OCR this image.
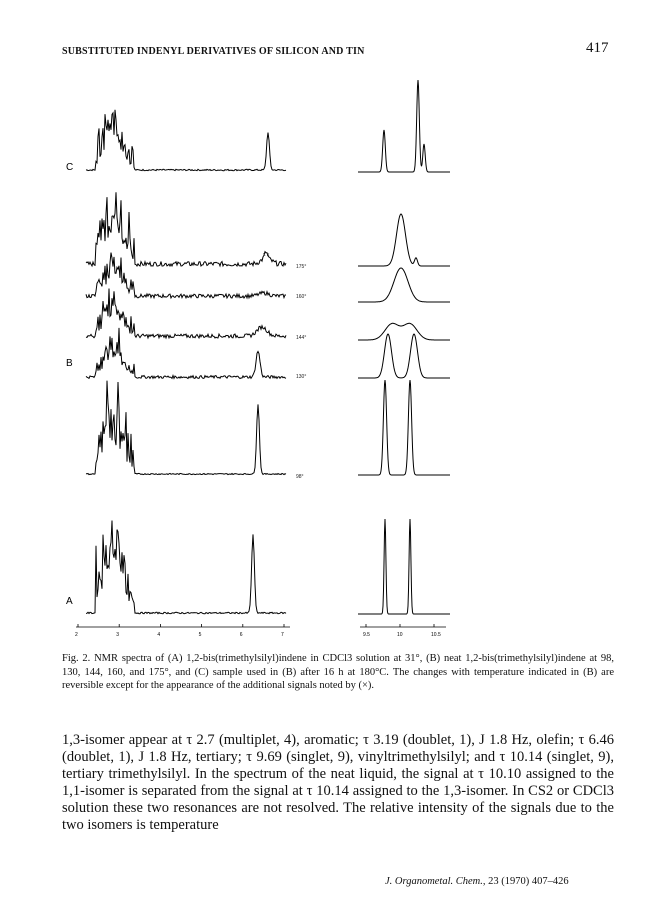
SUBSTITUTED INDENYL DERIVATIVES OF SILICON AND TIN	417
C
B
A
175°
160°
144°
130°
98°
x x
2	3	4	5	6	7	9.5	10	10.5
Fig. 2. NMR spectra of (A) 1,2-bis(trimethylsilyl)indene in CDCl3 solution at 31°, (B) neat 1,2-bis(trimethylsilyl)indene at 98, 130, 144, 160, and 175°, and (C) sample used in (B) after 16 h at 180°C. The changes with temperature indicated in (B) are reversible except for the appearance of the additional signals noted by (×).
1,3-isomer appear at τ 2.7 (multiplet, 4), aromatic; τ 3.19 (doublet, 1), J 1.8 Hz, olefin; τ 6.46 (doublet, 1), J 1.8 Hz, tertiary; τ 9.69 (singlet, 9), vinyltrimethylsilyl; and τ 10.14 (singlet, 9), tertiary trimethylsilyl. In the spectrum of the neat liquid, the signal at τ 10.10 assigned to the 1,1-isomer is separated from the signal at τ 10.14 assigned to the 1,3-isomer. In CS2 or CDCl3 solution these two resonances are not resolved. The relative intensity of the signals due to the two isomers is temperature
J. Organometal. Chem., 23 (1970) 407–426
